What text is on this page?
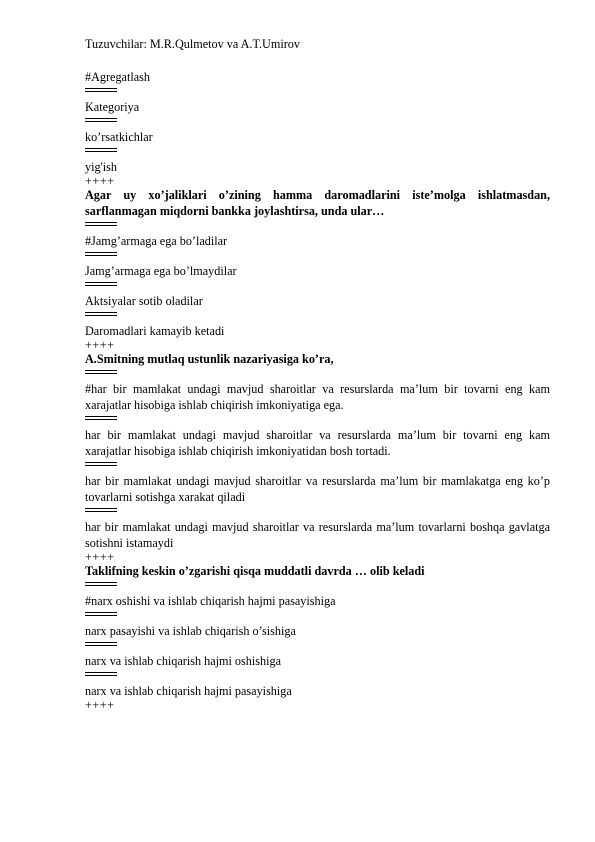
Tuzuvchilar: M.R.Qulmetov va A.T.Umirov
#Agregatlash
Kategoriya
ko’rsatkichlar
yig'ish
++++
Agar uy xo’jaliklari o’zining hamma daromadlarini iste’molga ishlatmasdan, sarflanmagan miqdorni bankka joylashtirsa, unda ular…
#Jamg’armaga ega bo’ladilar
Jamg’armaga ega bo’lmaydilar
Aktsiyalar sotib oladilar
Daromadlari kamayib ketadi
++++
A.Smitning mutlaq ustunlik nazariyasiga ko’ra,
#har bir mamlakat undagi mavjud sharoitlar va resurslarda ma’lum bir tovarni eng kam xarajatlar hisobiga ishlab chiqirish imkoniyatiga ega.
har bir mamlakat undagi mavjud sharoitlar va resurslarda ma’lum bir tovarni eng kam xarajatlar hisobiga ishlab chiqirish imkoniyatidan bosh tortadi.
har bir mamlakat undagi mavjud sharoitlar va resurslarda ma’lum bir mamlakatga eng ko’p tovarlarni sotishga xarakat qiladi
har bir mamlakat undagi mavjud sharoitlar va resurslarda ma’lum tovarlarni boshqa gavlatga sotishni istamaydi
++++
Taklifning keskin o’zgarishi qisqa muddatli davrda … olib keladi
#narx oshishi va ishlab chiqarish hajmi pasayishiga
narx pasayishi va ishlab chiqarish o’sishiga
narx va ishlab chiqarish hajmi oshishiga
narx va ishlab chiqarish hajmi pasayishiga
++++
